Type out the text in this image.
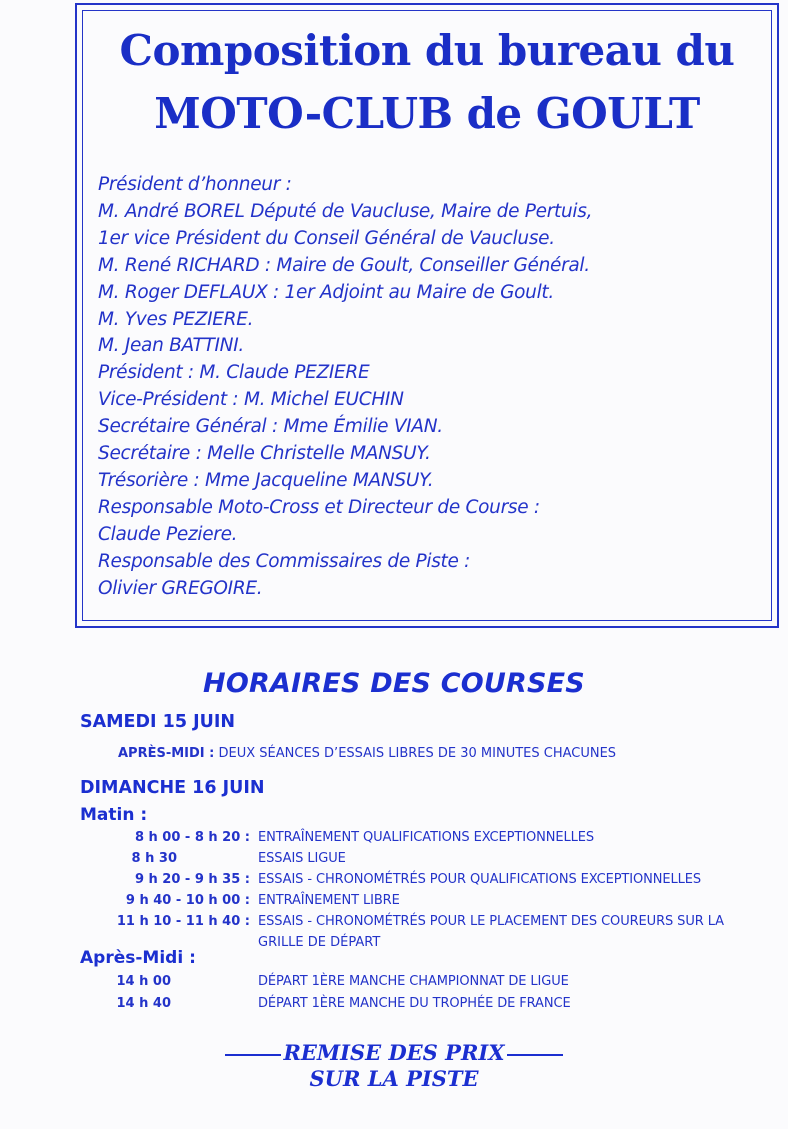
Composition du bureau du
MOTO-CLUB de GOULT
Président d’honneur :
M. André BOREL Député de Vaucluse, Maire de Pertuis,
1er vice Président du Conseil Général de Vaucluse.
M. René RICHARD : Maire de Goult, Conseiller Général.
M. Roger DEFLAUX : 1er Adjoint au Maire de Goult.
M. Yves PEZIERE.
M. Jean BATTINI.
Président : M. Claude PEZIERE
Vice-Président : M. Michel EUCHIN
Secrétaire Général : Mme Émilie VIAN.
Secrétaire : Melle Christelle MANSUY.
Trésorière : Mme Jacqueline MANSUY.
Responsable Moto-Cross et Directeur de Course :
Claude Peziere.
Responsable des Commissaires de Piste :
Olivier GREGOIRE.
HORAIRES DES COURSES
SAMEDI 15 JUIN
APRÈS-MIDI : DEUX SÉANCES D’ESSAIS LIBRES DE 30 MINUTES CHACUNES
DIMANCHE 16 JUIN
Matin :
8 h 00 - 8 h 20 : ENTRAÎNEMENT QUALIFICATIONS EXCEPTIONNELLES
8 h 30	ESSAIS LIGUE
9 h 20 - 9 h 35 : ESSAIS - CHRONOMÉTRÉS POUR QUALIFICATIONS EXCEPTIONNELLES
9 h 40 - 10 h 00 : ENTRAÎNEMENT LIBRE
11 h 10 - 11 h 40 : ESSAIS - CHRONOMÉTRÉS POUR LE PLACEMENT DES COUREURS SUR LA
GRILLE DE DÉPART
Après-Midi :
14 h 00	DÉPART 1ÈRE MANCHE CHAMPIONNAT DE LIGUE
14 h 40	DÉPART 1ÈRE MANCHE DU TROPHÉE DE FRANCE

REMISE DES PRIX

SUR LA PISTE
